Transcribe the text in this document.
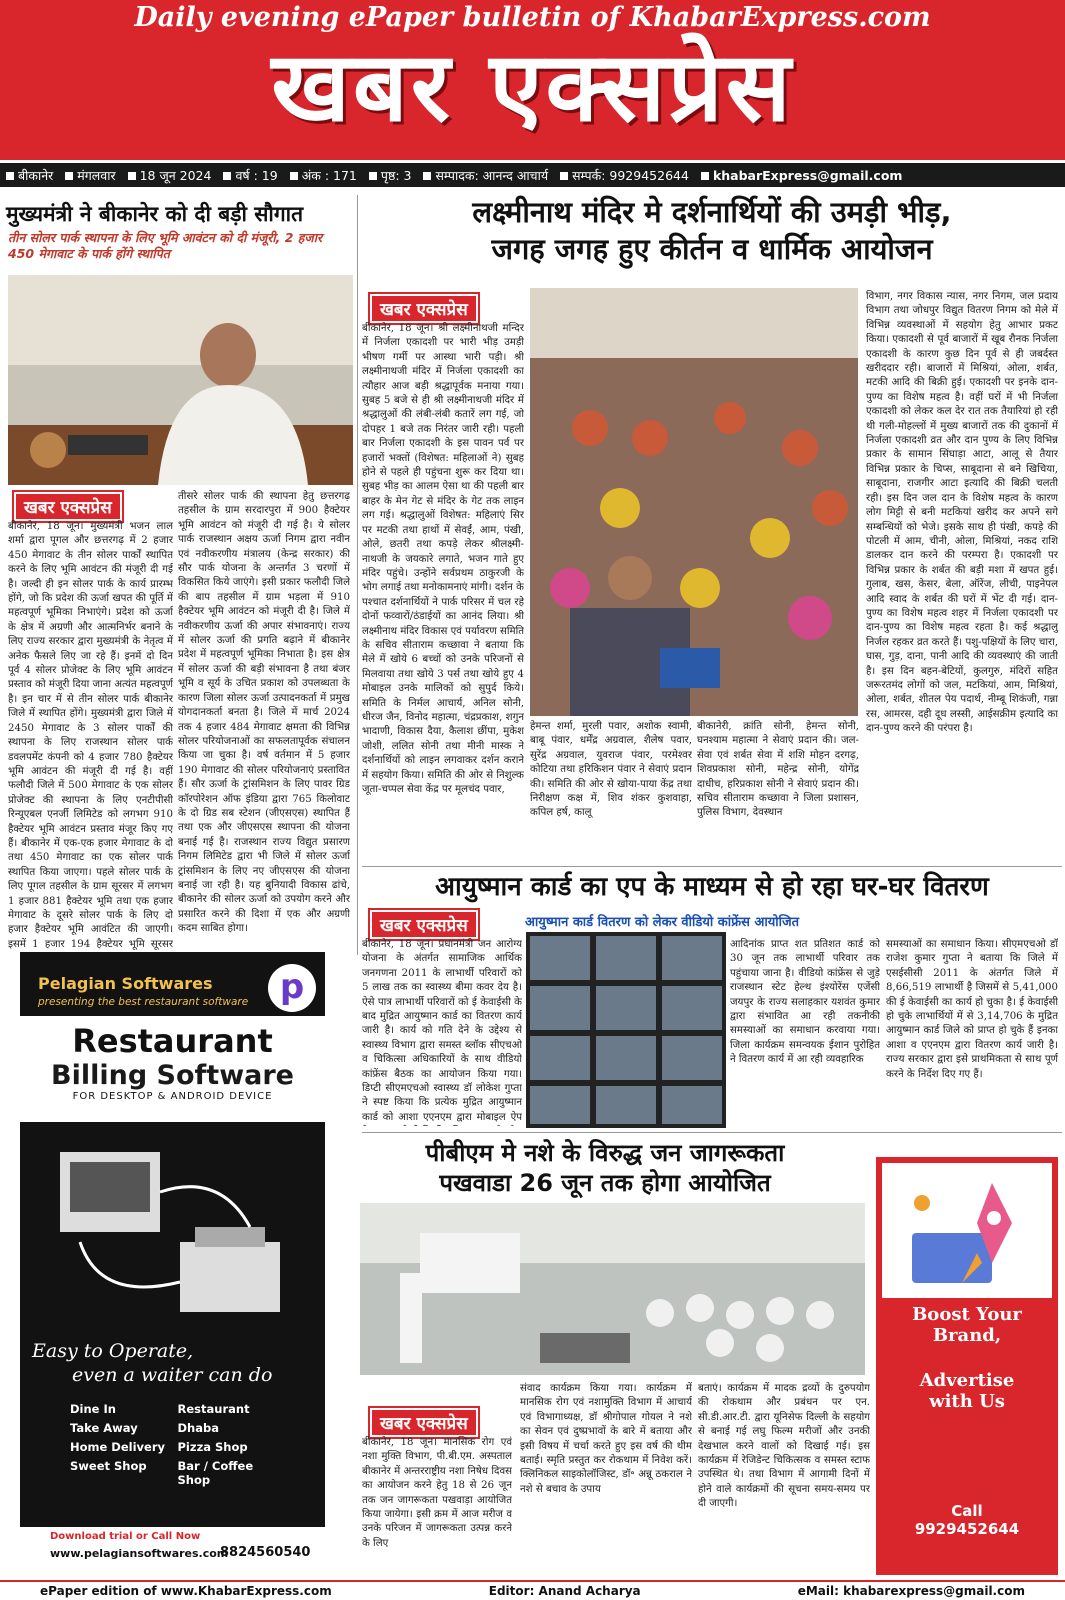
Daily evening ePaper bulletin of KhabarExpress.com
खबर एक्सप्रेस
बीकानेर	मंगलवार	18 जून 2024	वर्ष : 19	अंक : 171	पृष्ठ: 3	सम्पादक: आनन्द आचार्य	सम्पर्क: 9929452644	khabarExpress@gmail.com
मुख्यमंत्री ने बीकानेर को दी बड़ी सौगात
तीन सोलर पार्क स्थापना के लिए भूमि आवंटन को दी मंजूरी, 2 हजार 450 मेगावाट के पार्क होंगे स्थापित
खबर एक्सप्रेस
बीकानेर, 18 जून। मुख्यमंत्री भजन लाल शर्मा द्वारा पूगल और छत्तरगढ़ में 2 हजार 450 मेगावाट के तीन सोलर पार्कों स्थापित करने के लिए भूमि आवंटन की मंजूरी दी गई है। जल्दी ही इन सोलर पार्क के कार्य प्रारम्भ होंगे, जो कि प्रदेश की ऊर्जा खपत की पूर्ति में महत्वपूर्ण भूमिका निभाएंगे। प्रदेश को ऊर्जा के क्षेत्र में अग्रणी और आत्मनिर्भर बनाने के लिए राज्य सरकार द्वारा मुख्यमंत्री के नेतृत्व में अनेक फैसले लिए जा रहे हैं। इनमें दो दिन पूर्व 4 सोलर प्रोजेक्ट के लिए भूमि आवंटन प्रस्ताव को मंजूरी दिया जाना अत्यंत महत्वपूर्ण है। इन चार में से तीन सोलर पार्क बीकानेर जिले में स्थापित होंगे। मुख्यमंत्री द्वारा जिले में 2450 मेगावाट के 3 सोलर पार्कों की स्थापना के लिए राजस्थान सोलर पार्क डवलपमेंट कंपनी को 4 हजार 780 हैक्टेयर भूमि आवंटन की मंजूरी दी गई है। वहीं फलौदी जिले में 500 मेगावाट के एक सोलर प्रोजेक्ट की स्थापना के लिए एनटीपीसी रिन्यूएबल एनर्जी लिमिटेड को लगभग 910 हैक्टेयर भूमि आवंटन प्रस्ताव मंजूर किए गए हैं। बीकानेर में एक-एक हजार मेगावाट के दो तथा 450 मेगावाट का एक सोलर पार्क स्थापित किया जाएगा। पहले सोलर पार्क के लिए पूगल तहसील के ग्राम सूरसर में लगभग 1 हजार 881 हैक्टेयर भूमि तथा एक हजार मेगावाट के दूसरे सोलर पार्क के लिए दो हजार हैक्टेयर भूमि आवंटित की जाएगी। इसमें 1 हजार 194 हैक्टेयर भूमि सूरसर
तीसरे सोलर पार्क की स्थापना हेतु छत्तरगढ़ तहसील के ग्राम सरदारपुरा में 900 हैक्टेयर भूमि आवंटन को मंजूरी दी गई है। ये सोलर पार्क राजस्थान अक्षय ऊर्जा निगम द्वारा नवीन एवं नवीकरणीय मंत्रालय (केन्द्र सरकार) की सौर पार्क योजना के अन्तर्गत 3 चरणों में विकसित किये जाएंगे। इसी प्रकार फलौदी जिले की बाप तहसील में ग्राम भड़ला में 910 हैक्टेयर भूमि आवंटन को मंजूरी दी है। जिले में नवीकरणीय ऊर्जा की अपार संभावनाएं। राज्य में सोलर ऊर्जा की प्रगति बढ़ाने में बीकानेर प्रदेश में महत्वपूर्ण भूमिका निभाता है। इस क्षेत्र में सोलर ऊर्जा की बड़ी संभावना है तथा बंजर भूमि व सूर्य के उचित प्रकाश को उपलब्धता के कारण जिला सोलर ऊर्जा उत्पादनकर्ता में प्रमुख योगदानकर्ता बनता है। जिले में मार्च 2024 तक 4 हजार 484 मेगावाट क्षमता की विभिन्न सोलर परियोजनाओं का सफलतापूर्वक संचालन किया जा चुका है। वर्ष वर्तमान में 5 हजार 190 मेगावाट की सोलर परियोजनाएं प्रस्तावित हैं। सौर ऊर्जा के ट्रांसमिशन के लिए पावर ग्रिड कॉरपोरेशन ऑफ इंडिया द्वारा 765 किलोवाट के दो ग्रिड सब स्टेशन (जीएसएस) स्थापित हैं तथा एक और जीएसएस स्थापना की योजना बनाई गई है। राजस्थान राज्य विद्युत प्रसारण निगम लिमिटेड द्वारा भी जिले में सोलर ऊर्जा ट्रांसमिशन के लिए नए जीएसएस की योजना बनाई जा रही है। यह बुनियादी विकास ढांचे, बीकानेर की सोलर ऊर्जा को उपयोग करने और प्रसारित करने की दिशा में एक और अग्रणी कदम साबित होगा।
लक्ष्मीनाथ मंदिर मे दर्शनार्थियों की उमड़ी भीड़,
जगह जगह हुए कीर्तन व धार्मिक आयोजन
खबर एक्सप्रेस
बीकानेर, 18 जून। श्री लक्ष्मीनाथजी मन्दिर में निर्जला एकादशी पर भारी भीड़ उमड़ी भीषण गर्मी पर आस्था भारी पड़ी। श्री लक्ष्मीनाथजी मंदिर में निर्जला एकादशी का त्यौहार आज बड़ी श्रद्धापूर्वक मनाया गया। सुबह 5 बजे से ही श्री लक्ष्मीनाथजी मंदिर में श्रद्धालुओं की लंबी-लंबी कतारें लग गई, जो दोपहर 1 बजे तक निरंतर जारी रही। पहली बार निर्जला एकादशी के इस पावन पर्व पर हजारों भक्तों (विशेषत: महिलाओं ने) सुबह होने से पहले ही पहुंचना शुरू कर दिया था। सुबह भीड़ का आलम ऐसा था की पहली बार बाहर के मेन गेट से मंदिर के गेट तक लाइन लग गई। श्रद्धालुओं विशेषत: महिलाएं सिर पर मटकी तथा हाथों में सेवईं, आम, पंखी, ओले, छतरी तथा कपड़े लेकर श्रीलक्ष्मी-नाथजी के जयकारे लगाते, भजन गाते हुए मंदिर पहुंचे। उन्होंने सर्वप्रथम ठाकुरजी के भोग लगाई तथा मनोकामनाएं मांगी। दर्शन के पश्चात दर्शनार्थियों ने पार्क परिसर में चल रहे दोनों फव्वारों/ठंडाईयों का आनंद लिया। श्री लक्ष्मीनाथ मंदिर विकास एवं पर्यावरण समिति के सचिव सीताराम कच्छावा ने बताया कि मेले में खोये 6 बच्चों को उनके परिजनों से मिलवाया तथा खोये 3 पर्स तथा खोये हुए 4 मोबाइल उनके मालिकों को सुपुर्द किये। समिति के निर्मल आचार्य, अनिल सोनी, धीरज जैन, विनोद महात्मा, चंद्रप्रकाश, शगुन भादाणी, विकास दैया, कैलाश छींपा, मुकेश जोशी, ललित सोनी तथा मीनी मास्क ने दर्शनार्थियों को लाइन लगवाकर दर्शन कराने में सहयोग किया। समिति की ओर से निशुल्क जूता-चप्पल सेवा केंद्र पर मूलचंद पवार,
हेमन्त शर्मा, मुरली पवार, अशोक स्वामी, बाबू पंवार, धर्मेंद्र अग्रवाल, शैलेष पवार, सुरेंद्र अग्रवाल, युवराज पंवार, परमेश्वर कोटिया तथा हरिकिशन पंवार ने सेवाएं प्रदान की। समिति की ओर से खोया-पाया केंद्र तथा निरीक्षण कक्ष में, शिव शंकर कुशवाहा, कपिल हर्ष, कालू
बीकानेरी, क्रांति सोनी, हेमन्त सोनी, घनश्याम महात्मा ने सेवाएं प्रदान की। जल-सेवा एवं शर्बत सेवा में शशि मोहन दरगढ़, शिवप्रकाश सोनी, महेन्द्र सोनी, योगेंद्र दाधीच, हरिप्रकाश सोनी ने सेवाएं प्रदान की। सचिव सीताराम कच्छावा ने जिला प्रशासन, पुलिस विभाग, देवस्थान
विभाग, नगर विकास न्यास, नगर निगम, जल प्रदाय विभाग तथा जोधपुर विद्युत वितरण निगम को मेले में विभिन्न व्यवस्थाओं में सहयोग हेतु आभार प्रकट किया। एकादशी से पूर्व बाजारों में खूब रौनक निर्जला एकादशी के कारण कुछ दिन पूर्व से ही जबर्दस्त खरीददार रही। बाजारों में मिश्रियां, ओला, शर्बत, मटकी आदि की बिक्री हुई। एकादशी पर इनके दान-पुण्य का विशेष महत्व है। वहीं घरों में भी निर्जला एकादशी को लेकर कल देर रात तक तैयारियां हो रही थी गली-मोहल्लों में मुख्य बाजारों तक की दुकानों में निर्जला एकादशी व्रत और दान पुण्य के लिए विभिन्न प्रकार के सामान सिंघाड़ा आटा, आलू से तैयार विभिन्न प्रकार के चिप्स, साबूदाना से बने खिचिया, साबूदाना, राजगीर आटा इत्यादि की बिक्री चलती रही। इस दिन जल दान के विशेष महत्व के कारण लोग मिट्टी से बनी मटकियां खरीद कर अपने सगे सम्बन्धियों को भेजे। इसके साथ ही पंखी, कपड़े की पोटली में आम, चीनी, ओला, मिश्रियां, नकद राशि डालकर दान करने की परम्परा है। एकादशी पर विभिन्न प्रकार के शर्बत की बड़ी मशा में खपत हुई। गुलाब, खस, केसर, बेला, ऑरेंज, लीची, पाइनेपल आदि स्वाद के शर्बत की घरों में भेंट दी गई। दान-पुण्य का विशेष महत्व शहर में निर्जला एकादशी पर दान-पुण्य का विशेष महत्व रहता है। कई श्रद्धालु निर्जल रहकर व्रत करते हैं। पशु-पक्षियों के लिए चारा, घास, गुड़, दाना, पानी आदि की व्यवस्थाएं की जाती है। इस दिन बहन-बेटियों, कुलगुरु, मंदिरों सहित जरूरतमंद लोगों को जल, मटकियां, आम, मिश्रियां, ओला, शर्बत, शीतल पेय पदार्थ, नीम्बू शिकंजी, गन्ना रस, आमरस, दही दूध लस्सी, आईसक्रीम इत्यादि का दान-पुण्य करने की परंपरा है।
आयुष्मान कार्ड का एप के माध्यम से हो रहा घर-घर वितरण
खबर एक्सप्रेस	आयुष्मान कार्ड वितरण को लेकर वीडियो कांफ्रेंस आयोजित
बीकानेर, 18 जून। प्रधानमंत्री जन आरोग्य योजना के अंतर्गत सामाजिक आर्थिक जनगणना 2011 के लाभार्थी परिवारों को 5 लाख तक का स्वास्थ्य बीमा कवर देय है। ऐसे पात्र लाभार्थी परिवारों को ई केवाईसी के बाद मुद्रित आयुष्मान कार्ड का वितरण कार्य जारी है। कार्य को गति देने के उद्देश्य से स्वास्थ्य विभाग द्वारा समस्त ब्लॉक सीएचओ व चिकित्सा अधिकारियों के साथ वीडियो कांफ्रेंस बैठक का आयोजन किया गया। डिप्टी सीएमएचओ स्वास्थ्य डॉ लोकेश गुप्ता ने स्पष्ट किया कि प्रत्येक मुद्रित आयुष्मान कार्ड को आशा एएनएम द्वारा मोबाइल ऐप
आदिनांक प्राप्त शत प्रतिशत कार्ड को 30 जून तक लाभार्थी परिवार तक पहुंचाया जाना है। वीडियो कांफ्रेंस से जुड़े राजस्थान स्टेट हेल्थ इंश्योरेंस एजेंसी जयपुर के राज्य सलाहकार यशवंत कुमार द्वारा संभावित आ रही तकनीकी समस्याओं का समाधान करवाया गया। जिला कार्यक्रम समन्वयक ईशान पुरोहित ने वितरण कार्य में आ रही व्यवहारिक
समस्याओं का समाधान किया। सीएमएचओ डॉ राजेश कुमार गुप्ता ने बताया कि जिले में एसईसीसी 2011 के अंतर्गत जिले में 8,66,519 लाभार्थी है जिसमें से 5,41,000 की ई केवाईसी का कार्य हो चुका है। ई केवाईसी हो चुके लाभार्थियों में से 3,14,706 के मुद्रित आयुष्मान कार्ड जिले को प्राप्त हो चुके हैं इनका आशा व एएनएम द्वारा वितरण कार्य जारी है। राज्य सरकार द्वारा इसे प्राथमिकता से साथ पूर्ण करने के निर्देश दिए गए हैं।
पीबीएम मे नशे के विरुद्ध जन जागरूकता
पखवाडा 26 जून तक होगा आयोजित
खबर एक्सप्रेस
बीकानेर, 18 जून। मानसिक रोग एवं नशा मुक्ति विभाग, पी.बी.एम. अस्पताल बीकानेर में अन्तरराष्ट्रीय नशा निषेध दिवस का आयोजन करने हेतु 18 से 26 जून तक जन जागरूकता पखवाड़ा आयोजित किया जायेगा। इसी क्रम में आज मरीज व उनके परिजन में जागरूकता उत्पन्न करने के लिए
संवाद कार्यक्रम किया गया। कार्यक्रम में मानसिक रोग एवं नशामुक्ति विभाग में आचार्य एवं विभागाध्यक्ष, डॉ श्रीगोपाल गोयल ने नशे का सेवन एवं दुष्प्रभावों के बारे में बताया और इसी विषय में चर्चा करते हुए इस वर्ष की थीम बताई। स्मृति प्रस्तुत कर रोकथाम में निवेश करें। क्लिनिकल साइकोलॉजिस्ट, डॉ॰ अन्नू ठकराल ने नशे से बचाव के उपाय
बताएं। कार्यक्रम में मादक द्रव्यों के दुरुपयोग की रोकथाम और प्रबंधन पर एन. सी.डी.आर.टी. द्वारा यूनिसेफ दिल्ली के सहयोग से बनाई गई लघु फिल्म मरीजों और उनकी देखभाल करने वालों को दिखाई गई। इस कार्यक्रम में रेजिडेन्ट चिकित्सक व समस्त स्टाफ उपस्थित थे। तथा विभाग में आगामी दिनों में होने वाले कार्यक्रमों की सूचना समय-समय पर दी जाएगी।
Boost Your
Brand,
Advertise
with Us
Call
9929452644
Pelagian Softwares
presenting the best restaurant software p
Restaurant
Billing Software
FOR DESKTOP & ANDROID DEVICE
Easy to Operate,
even a waiter can do
Dine In	Restaurant
Take Away	Dhaba
Home Delivery	Pizza Shop
Sweet Shop	Bar / Coffee Shop
Download trial or Call Now
www.pelagiansoftwares.com
8824560540
ePaper edition of www.KhabarExpress.com	Editor: Anand Acharya	eMail: khabarexpress@gmail.com
